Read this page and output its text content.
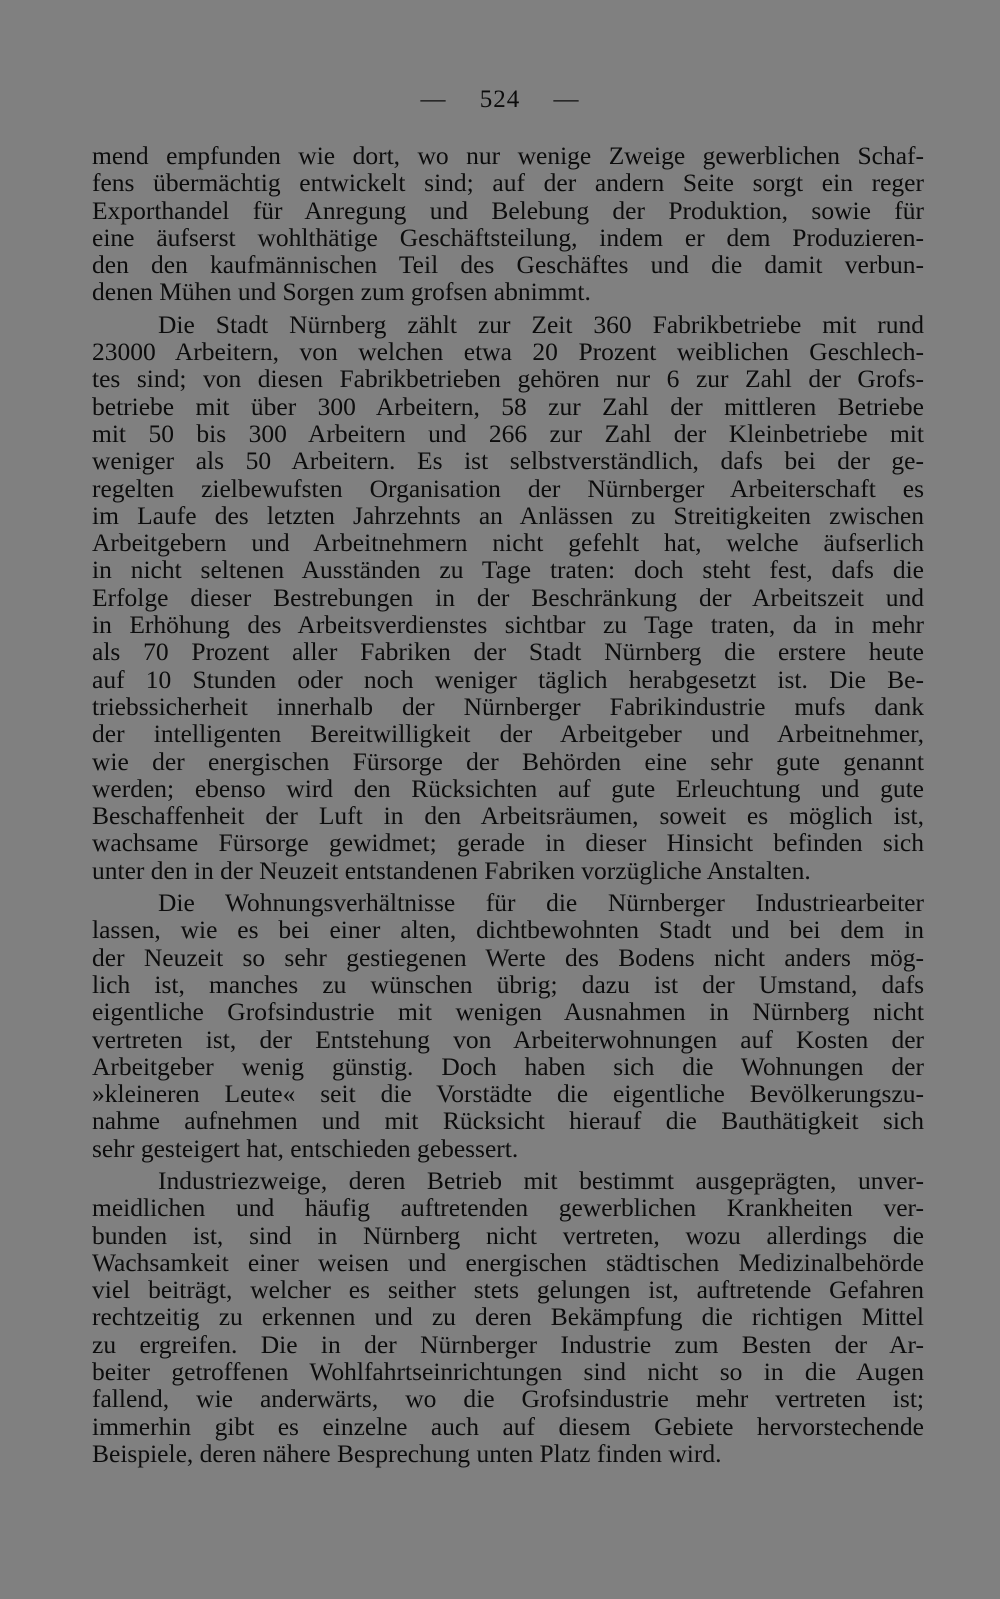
— 524 —
mend empfunden wie dort, wo nur wenige Zweige gewerblichen Schaf-
fens übermächtig entwickelt sind; auf der andern Seite sorgt ein reger
Exporthandel für Anregung und Belebung der Produktion, sowie für
eine äufserst wohlthätige Geschäftsteilung, indem er dem Produzieren-
den den kaufmännischen Teil des Geschäftes und die damit verbun-
denen Mühen und Sorgen zum grofsen abnimmt.
Die Stadt Nürnberg zählt zur Zeit 360 Fabrikbetriebe mit rund
23000 Arbeitern, von welchen etwa 20 Prozent weiblichen Geschlech-
tes sind; von diesen Fabrikbetrieben gehören nur 6 zur Zahl der Grofs-
betriebe mit über 300 Arbeitern, 58 zur Zahl der mittleren Betriebe
mit 50 bis 300 Arbeitern und 266 zur Zahl der Kleinbetriebe mit
weniger als 50 Arbeitern. Es ist selbstverständlich, dafs bei der ge-
regelten zielbewufsten Organisation der Nürnberger Arbeiterschaft es
im Laufe des letzten Jahrzehnts an Anlässen zu Streitigkeiten zwischen
Arbeitgebern und Arbeitnehmern nicht gefehlt hat, welche äufserlich
in nicht seltenen Ausständen zu Tage traten: doch steht fest, dafs die
Erfolge dieser Bestrebungen in der Beschränkung der Arbeitszeit und
in Erhöhung des Arbeitsverdienstes sichtbar zu Tage traten, da in mehr
als 70 Prozent aller Fabriken der Stadt Nürnberg die erstere heute
auf 10 Stunden oder noch weniger täglich herabgesetzt ist. Die Be-
triebssicherheit innerhalb der Nürnberger Fabrikindustrie mufs dank
der intelligenten Bereitwilligkeit der Arbeitgeber und Arbeitnehmer,
wie der energischen Fürsorge der Behörden eine sehr gute genannt
werden; ebenso wird den Rücksichten auf gute Erleuchtung und gute
Beschaffenheit der Luft in den Arbeitsräumen, soweit es möglich ist,
wachsame Fürsorge gewidmet; gerade in dieser Hinsicht befinden sich
unter den in der Neuzeit entstandenen Fabriken vorzügliche Anstalten.
Die Wohnungsverhältnisse für die Nürnberger Industriearbeiter
lassen, wie es bei einer alten, dichtbewohnten Stadt und bei dem in
der Neuzeit so sehr gestiegenen Werte des Bodens nicht anders mög-
lich ist, manches zu wünschen übrig; dazu ist der Umstand, dafs
eigentliche Grofsindustrie mit wenigen Ausnahmen in Nürnberg nicht
vertreten ist, der Entstehung von Arbeiterwohnungen auf Kosten der
Arbeitgeber wenig günstig. Doch haben sich die Wohnungen der
»kleineren Leute« seit die Vorstädte die eigentliche Bevölkerungszu-
nahme aufnehmen und mit Rücksicht hierauf die Bauthätigkeit sich
sehr gesteigert hat, entschieden gebessert.
Industriezweige, deren Betrieb mit bestimmt ausgeprägten, unver-
meidlichen und häufig auftretenden gewerblichen Krankheiten ver-
bunden ist, sind in Nürnberg nicht vertreten, wozu allerdings die
Wachsamkeit einer weisen und energischen städtischen Medizinalbehörde
viel beiträgt, welcher es seither stets gelungen ist, auftretende Gefahren
rechtzeitig zu erkennen und zu deren Bekämpfung die richtigen Mittel
zu ergreifen. Die in der Nürnberger Industrie zum Besten der Ar-
beiter getroffenen Wohlfahrtseinrichtungen sind nicht so in die Augen
fallend, wie anderwärts, wo die Grofsindustrie mehr vertreten ist;
immerhin gibt es einzelne auch auf diesem Gebiete hervorstechende
Beispiele, deren nähere Besprechung unten Platz finden wird.
